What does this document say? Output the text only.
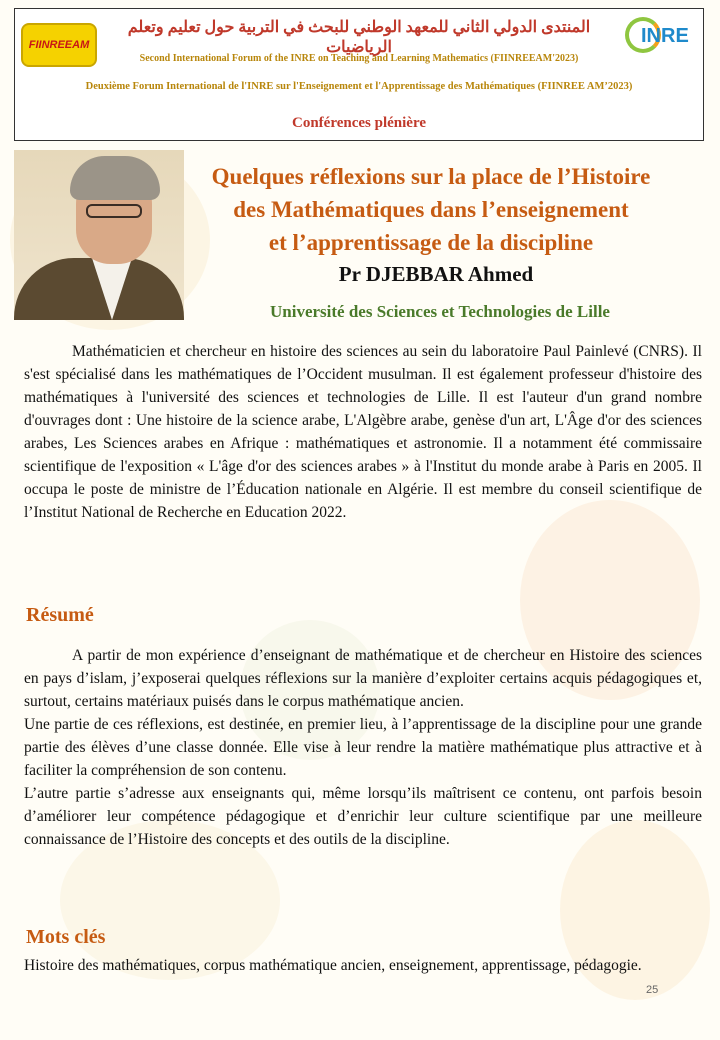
FIINREEAM	INRE
المنتدى الدولي الثاني للمعهد الوطني للبحث في التربية حول تعليم وتعلم الرياضيات
Second International Forum of the INRE on Teaching and Learning Mathematics (FIINREEAM'2023)
Deuxième Forum International de l'INRE sur l'Enseignement et l'Apprentissage des Mathématiques (FIINREE AM’2023)
Conférences plénière
Quelques réflexions sur la place de l’Histoire
des Mathématiques dans l’enseignement
et l’apprentissage de la discipline
Pr DJEBBAR Ahmed
Université des Sciences et Technologies de Lille

Mathématicien et chercheur en histoire des sciences au sein du laboratoire Paul Painlevé (CNRS). Il s'est spécialisé dans les mathématiques de l’Occident musulman. Il est également professeur d'histoire des mathématiques à l'université des sciences et technologies de Lille. Il est l'auteur d'un grand nombre d'ouvrages dont : Une histoire de la science arabe, L'Algèbre arabe, genèse d'un art, L'Âge d'or des sciences arabes, Les Sciences arabes en Afrique : mathématiques et astronomie. Il a notamment été commissaire scientifique de l'exposition « L'âge d'or des sciences arabes » à l'Institut du monde arabe à Paris en 2005. Il occupa le poste de ministre de l’Éducation nationale en Algérie. Il est membre du conseil scientifique de l’Institut National de Recherche en Education 2022.

Résumé

A partir de mon expérience d’enseignant de mathématique et de chercheur en Histoire des sciences en pays d’islam, j’exposerai quelques réflexions sur la manière d’exploiter certains acquis pédagogiques et, surtout, certains matériaux puisés dans le corpus mathématique ancien.

Une partie de ces réflexions, est destinée, en premier lieu, à l’apprentissage de la discipline pour une grande partie des élèves d’une classe donnée. Elle vise à leur rendre la matière mathématique plus attractive et à faciliter la compréhension de son contenu.

L’autre partie s’adresse aux enseignants qui, même lorsqu’ils maîtrisent ce contenu, ont parfois besoin d’améliorer leur compétence pédagogique et d’enrichir leur culture scientifique par une meilleure connaissance de l’Histoire des concepts et des outils de la discipline.

Mots clés

Histoire des mathématiques, corpus mathématique ancien, enseignement, apprentissage, pédagogie.

25
